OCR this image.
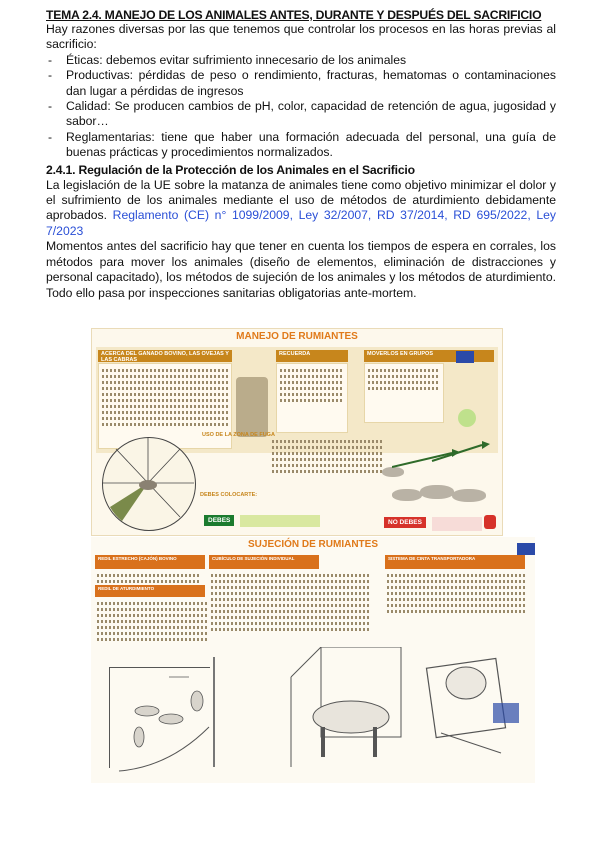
TEMA 2.4. MANEJO DE LOS ANIMALES ANTES, DURANTE Y DESPUÉS DEL SACRIFICIO

Hay razones diversas por las que tenemos que controlar los procesos en las horas previas al sacrificio:

- Éticas: debemos evitar sufrimiento innecesario de los animales
- Productivas: pérdidas de peso o rendimiento, fracturas, hematomas o contaminaciones dan lugar a pérdidas de ingresos
- Calidad: Se producen cambios de pH, color, capacidad de retención de agua, jugosidad y sabor…
- Reglamentarias: tiene que haber una formación adecuada del personal, una guía de buenas prácticas y procedimientos normalizados.
2.4.1. Regulación de la Protección de los Animales en el Sacrificio

La legislación de la UE sobre la matanza de animales tiene como objetivo minimizar el dolor y el sufrimiento de los animales mediante el uso de métodos de aturdimiento debidamente aprobados. Reglamento (CE) n° 1099/2009, Ley 32/2007, RD 37/2014, RD 695/2022, Ley 7/2023

Momentos antes del sacrificio hay que tener en cuenta los tiempos de espera en corrales, los métodos para mover los animales (diseño de elementos, eliminación de distracciones y personal capacitado), los métodos de sujeción de los animales y los métodos de aturdimiento. Todo ello pasa por inspecciones sanitarias obligatorias ante-mortem.

MANEJO DE RUMIANTES
ACERCA DEL GANADO BOVINO, LAS OVEJAS Y LAS CABRAS
RECUERDA	MOVERLOS EN GRUPOS
USO DE LA ZONA DE FUGA
DEBES COLOCARTE:
DEBES	NO DEBES
SUJECIÓN DE RUMIANTES
REDIL ESTRECHO (CAJÓN) BOVINO	CUBÍCULO DE SUJECIÓN INDIVIDUAL	SISTEMA DE CINTA TRANSPORTADORA
REDIL DE ATURDIMIENTO
